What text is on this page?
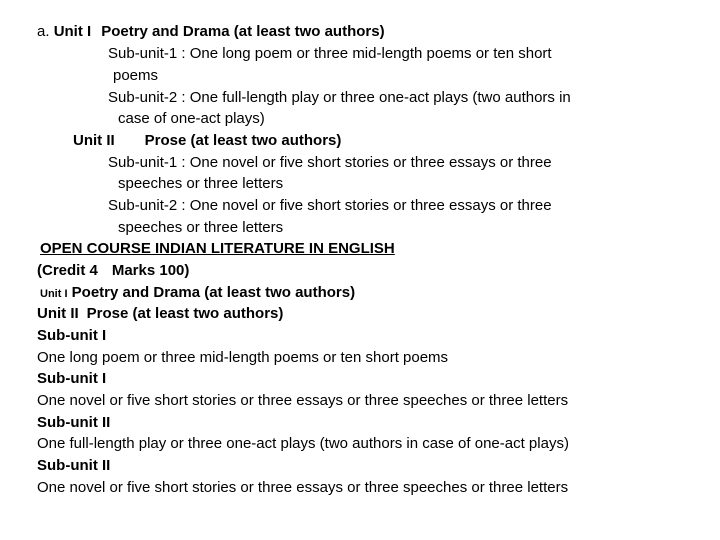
a. Unit I Poetry and Drama (at least two authors)
Sub-unit-1 : One long poem or three mid-length poems or ten short
poems
Sub-unit-2 : One full-length play or three one-act plays (two authors in
case of one-act plays)
Unit II Prose (at least two authors)
Sub-unit-1 : One novel or five short stories or three essays or three
speeches or three letters
Sub-unit-2 : One novel or five short stories or three essays or three
speeches or three letters
OPEN COURSE INDIAN LITERATURE IN ENGLISH
(Credit 4 Marks 100)
Unit I Poetry and Drama (at least two authors)
Unit II Prose (at least two authors)
Sub-unit I
One long poem or three mid-length poems or ten short poems
Sub-unit I
One novel or five short stories or three essays or three speeches or three letters
Sub-unit II
One full-length play or three one-act plays (two authors in case of one-act plays)
Sub-unit II
One novel or five short stories or three essays or three speeches or three letters
